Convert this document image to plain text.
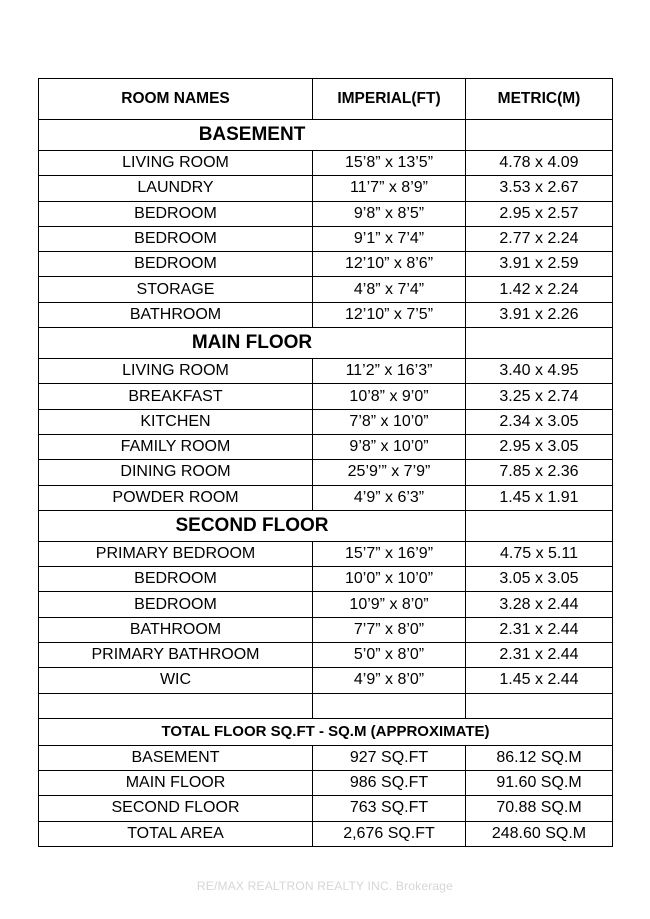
ROOM NAMES	IMPERIAL(FT)	METRIC(M)
BASEMENT		
LIVING ROOM	15’8” x 13’5”	4.78 x 4.09
LAUNDRY	11’7” x 8’9”	3.53 x 2.67
BEDROOM	9’8” x 8’5”	2.95 x 2.57
BEDROOM	9’1” x 7’4”	2.77 x 2.24
BEDROOM	12’10” x 8’6”	3.91 x 2.59
STORAGE	4’8” x 7’4”	1.42 x 2.24
BATHROOM	12’10” x 7’5”	3.91 x 2.26
MAIN FLOOR		
LIVING ROOM	11’2” x 16’3”	3.40 x 4.95
BREAKFAST	10’8” x 9’0”	3.25 x 2.74
KITCHEN	7’8” x 10’0”	2.34 x 3.05
FAMILY ROOM	9’8” x 10’0”	2.95 x 3.05
DINING ROOM	25’9’” x 7’9”	7.85 x 2.36
POWDER ROOM	4’9” x 6’3”	1.45 x 1.91
SECOND FLOOR		
PRIMARY BEDROOM	15’7” x 16’9”	4.75 x 5.11
BEDROOM	10’0” x 10’0”	3.05 x 3.05
BEDROOM	10’9” x 8’0”	3.28 x 2.44
BATHROOM	7’7” x 8’0”	2.31 x 2.44
PRIMARY BATHROOM	5’0” x 8’0”	2.31 x 2.44
WIC	4’9” x 8’0”	1.45 x 2.44

TOTAL FLOOR SQ.FT - SQ.M (APPROXIMATE)		
BASEMENT	927 SQ.FT	86.12 SQ.M
MAIN FLOOR	986 SQ.FT	91.60 SQ.M
SECOND FLOOR	763 SQ.FT	70.88 SQ.M
TOTAL AREA	2,676 SQ.FT	248.60 SQ.M
RE/MAX REALTRON REALTY INC. Brokerage
